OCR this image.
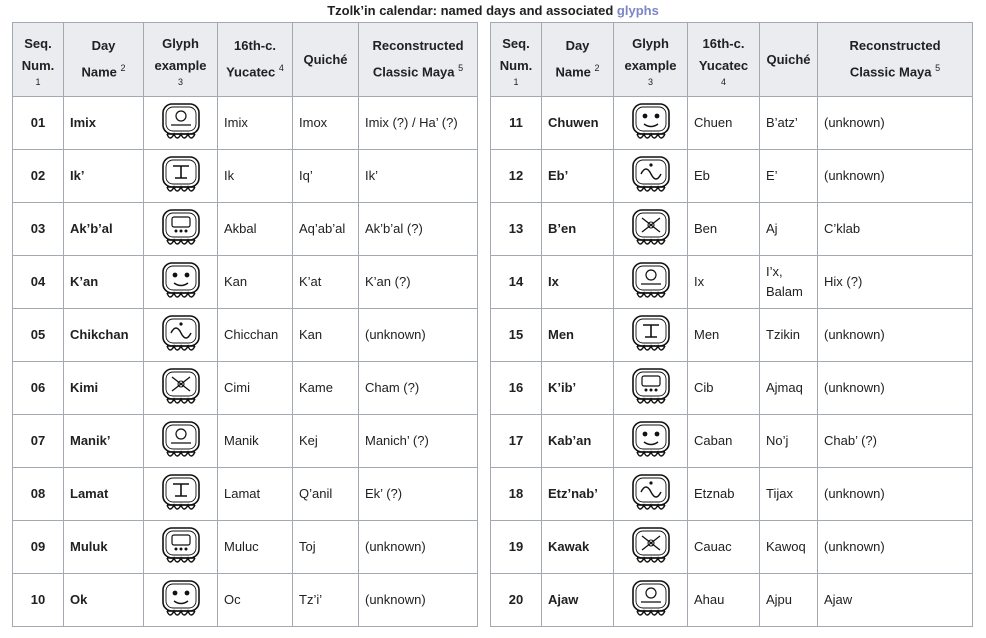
Tzolk’in calendar: named days and associated glyphs
Seq.
Num.
1	Day
Name $^2$	Glyph
example
3	16th-c.
Yucatec $^4$	Quiché	Reconstructed
Classic Maya $^5$
01	Imix		Imix	Imox	Imix (?) / Ha’ (?)
02	Ik’		Ik	Iq’	Ik’
03	Ak’b’al		Akbal	Aq’ab’al	Ak’b’al (?)
04	K’an		Kan	K’at	K’an (?)
05	Chikchan		Chicchan	Kan	(unknown)
06	Kimi		Cimi	Kame	Cham (?)
07	Manik’		Manik	Kej	Manich’ (?)
08	Lamat		Lamat	Q’anil	Ek’ (?)
09	Muluk		Muluc	Toj	(unknown)
10	Ok		Oc	Tz’i’	(unknown)
Seq.
Num.
1	Day
Name $^2$	Glyph
example
3	16th-c.
Yucatec
4	Quiché	Reconstructed
Classic Maya $^5$
11	Chuwen		Chuen	B’atz’	(unknown)
12	Eb’		Eb	E’	(unknown)
13	B’en		Ben	Aj	C’klab
14	Ix		Ix	I’x,
Balam	Hix (?)
15	Men		Men	Tzikin	(unknown)
16	K’ib’		Cib	Ajmaq	(unknown)
17	Kab’an		Caban	No’j	Chab’ (?)
18	Etz’nab’		Etznab	Tijax	(unknown)
19	Kawak		Cauac	Kawoq	(unknown)
20	Ajaw		Ahau	Ajpu	Ajaw
